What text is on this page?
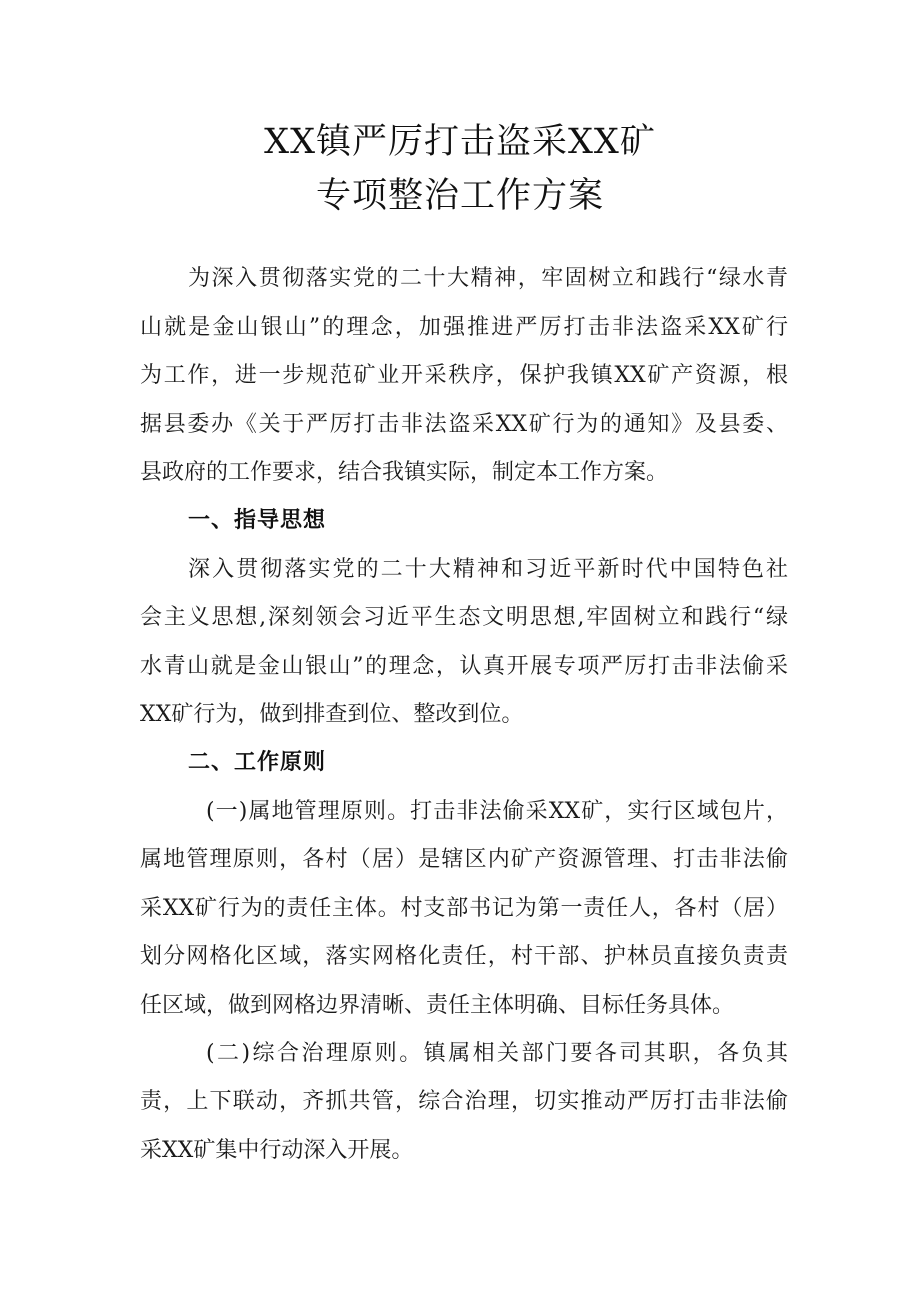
XX镇严厉打击盗采XX矿
专项整治工作方案
为深入贯彻落实党的二十大精神，牢固树立和践行“绿水青
山就是金山银山”的理念，加强推进严厉打击非法盗采XX矿行
为工作，进一步规范矿业开采秩序，保护我镇XX矿产资源，根
据县委办《关于严厉打击非法盗采XX矿行为的通知》及县委、
县政府的工作要求，结合我镇实际，制定本工作方案。
一、指导思想
深入贯彻落实党的二十大精神和习近平新时代中国特色社
会主义思想,深刻领会习近平生态文明思想,牢固树立和践行“绿
水青山就是金山银山”的理念，认真开展专项严厉打击非法偷采
XX矿行为，做到排查到位、整改到位。
二、工作原则
(一)属地管理原则。打击非法偷采XX矿，实行区域包片，
属地管理原则，各村（居）是辖区内矿产资源管理、打击非法偷
采XX矿行为的责任主体。村支部书记为第一责任人，各村（居）
划分网格化区域，落实网格化责任，村干部、护林员直接负责责
任区域，做到网格边界清晰、责任主体明确、目标任务具体。
(二)综合治理原则。镇属相关部门要各司其职，各负其
责，上下联动，齐抓共管，综合治理，切实推动严厉打击非法偷
采XX矿集中行动深入开展。
